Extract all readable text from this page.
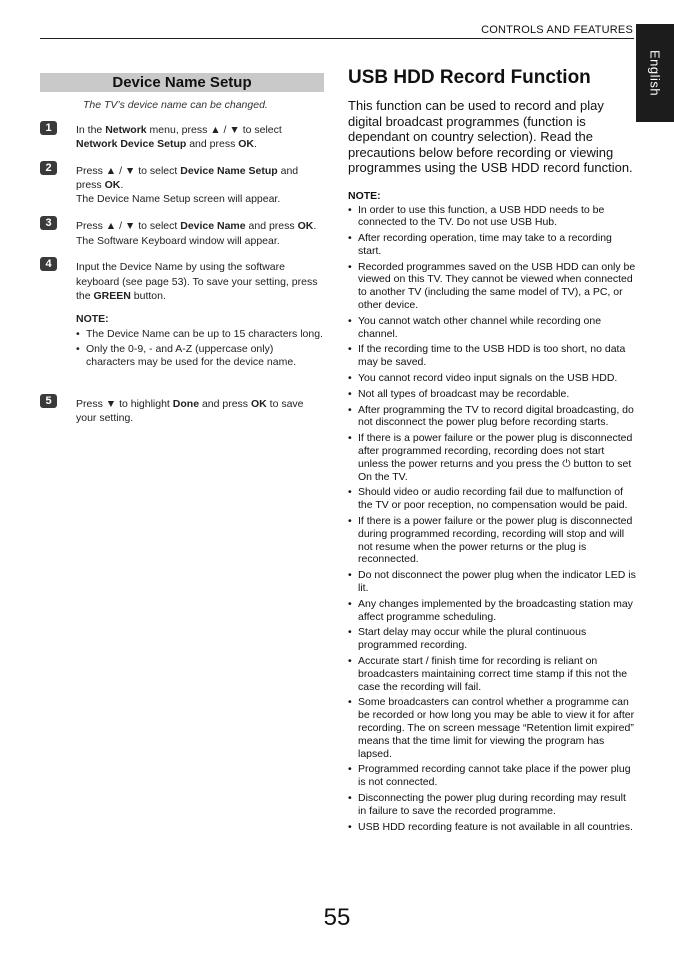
CONTROLS AND FEATURES
English
Device Name Setup
The TV’s device name can be changed.
1	In the Network menu, press ▲ / ▼ to select
Network Device Setup and press OK.

2	Press ▲ / ▼ to select Device Name Setup and press OK.
The Device Name Setup screen will appear.

3	Press ▲ / ▼ to select Device Name and press OK. The Software Keyboard window will appear.

4	Input the Device Name by using the software keyboard (see page 53). To save your setting, press the GREEN button.

NOTE:
• The Device Name can be up to 15 characters long.
• Only the 0-9, - and A-Z (uppercase only) characters may be used for the device name.
5	Press ▼ to highlight Done and press OK to save your setting.

USB HDD Record Function

This function can be used to record and play digital broadcast programmes (function is dependant on country selection). Read the precautions below before recording or viewing programmes using the USB HDD record function.

NOTE:
• In order to use this function, a USB HDD needs to be connected to the TV. Do not use USB Hub.
• After recording operation, time may take to a recording start.
• Recorded programmes saved on the USB HDD can only be viewed on this TV. They cannot be viewed when connected to another TV (including the same model of TV), a PC, or other device.
• You cannot watch other channel while recording one channel.
• If the recording time to the USB HDD is too short, no data may be saved.
• You cannot record video input signals on the USB HDD.
• Not all types of broadcast may be recordable.
• After programming the TV to record digital broadcasting, do not disconnect the power plug before recording starts.
• If there is a power failure or the power plug is disconnected after programmed recording, recording does not start unless the power returns and you press the ⏻ button to set On the TV.
• Should video or audio recording fail due to malfunction of the TV or poor reception, no compensation would be paid.
• If there is a power failure or the power plug is disconnected during programmed recording, recording will stop and will not resume when the power returns or the plug is reconnected.
• Do not disconnect the power plug when the indicator LED is lit.
• Any changes implemented by the broadcasting station may affect programme scheduling.
• Start delay may occur while the plural continuous programmed recording.
• Accurate start / finish time for recording is reliant on broadcasters maintaining correct time stamp if this not the case the recording will fail.
• Some broadcasters can control whether a programme can be recorded or how long you may be able to view it for after recording. The on screen message “Retention limit expired” means that the time limit for viewing the program has lapsed.
• Programmed recording cannot take place if the power plug is not connected.
• Disconnecting the power plug during recording may result in failure to save the recorded programme.
• USB HDD recording feature is not available in all countries.
55
